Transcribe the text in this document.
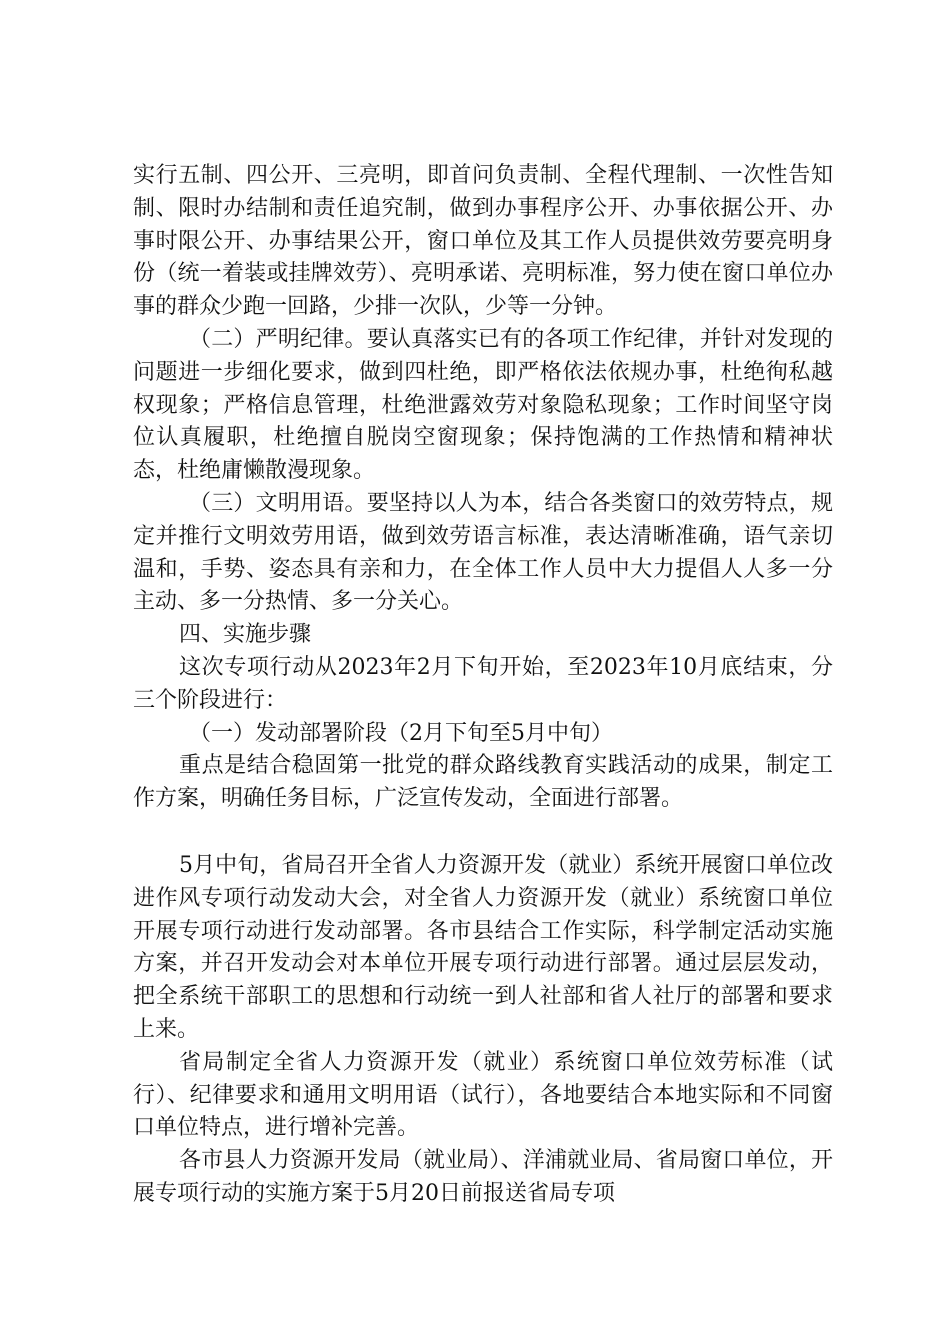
实行五制、四公开、三亮明，即首问负责制、全程代理制、一次性告知制、限时办结制和责任追究制，做到办事程序公开、办事依据公开、办事时限公开、办事结果公开，窗口单位及其工作人员提供效劳要亮明身份（统一着装或挂牌效劳）、亮明承诺、亮明标准，努力使在窗口单位办事的群众少跑一回路，少排一次队，少等一分钟。

（二）严明纪律。要认真落实已有的各项工作纪律，并针对发现的问题进一步细化要求，做到四杜绝，即严格依法依规办事，杜绝徇私越权现象；严格信息管理，杜绝泄露效劳对象隐私现象；工作时间坚守岗位认真履职，杜绝擅自脱岗空窗现象；保持饱满的工作热情和精神状态，杜绝庸懒散漫现象。

（三）文明用语。要坚持以人为本，结合各类窗口的效劳特点，规定并推行文明效劳用语，做到效劳语言标准，表达清晰准确，语气亲切温和，手势、姿态具有亲和力，在全体工作人员中大力提倡人人多一分主动、多一分热情、多一分关心。

四、实施步骤

这次专项行动从2023年2月下旬开始，至2023年10月底结束，分三个阶段进行：

（一）发动部署阶段（2月下旬至5月中旬）

重点是结合稳固第一批党的群众路线教育实践活动的成果，制定工作方案，明确任务目标，广泛宣传发动，全面进行部署。

5月中旬，省局召开全省人力资源开发（就业）系统开展窗口单位改进作风专项行动发动大会，对全省人力资源开发（就业）系统窗口单位开展专项行动进行发动部署。各市县结合工作实际，科学制定活动实施方案，并召开发动会对本单位开展专项行动进行部署。通过层层发动，把全系统干部职工的思想和行动统一到人社部和省人社厅的部署和要求上来。

省局制定全省人力资源开发（就业）系统窗口单位效劳标准（试行）、纪律要求和通用文明用语（试行），各地要结合本地实际和不同窗口单位特点，进行增补完善。

各市县人力资源开发局（就业局）、洋浦就业局、省局窗口单位，开展专项行动的实施方案于5月20日前报送省局专项
